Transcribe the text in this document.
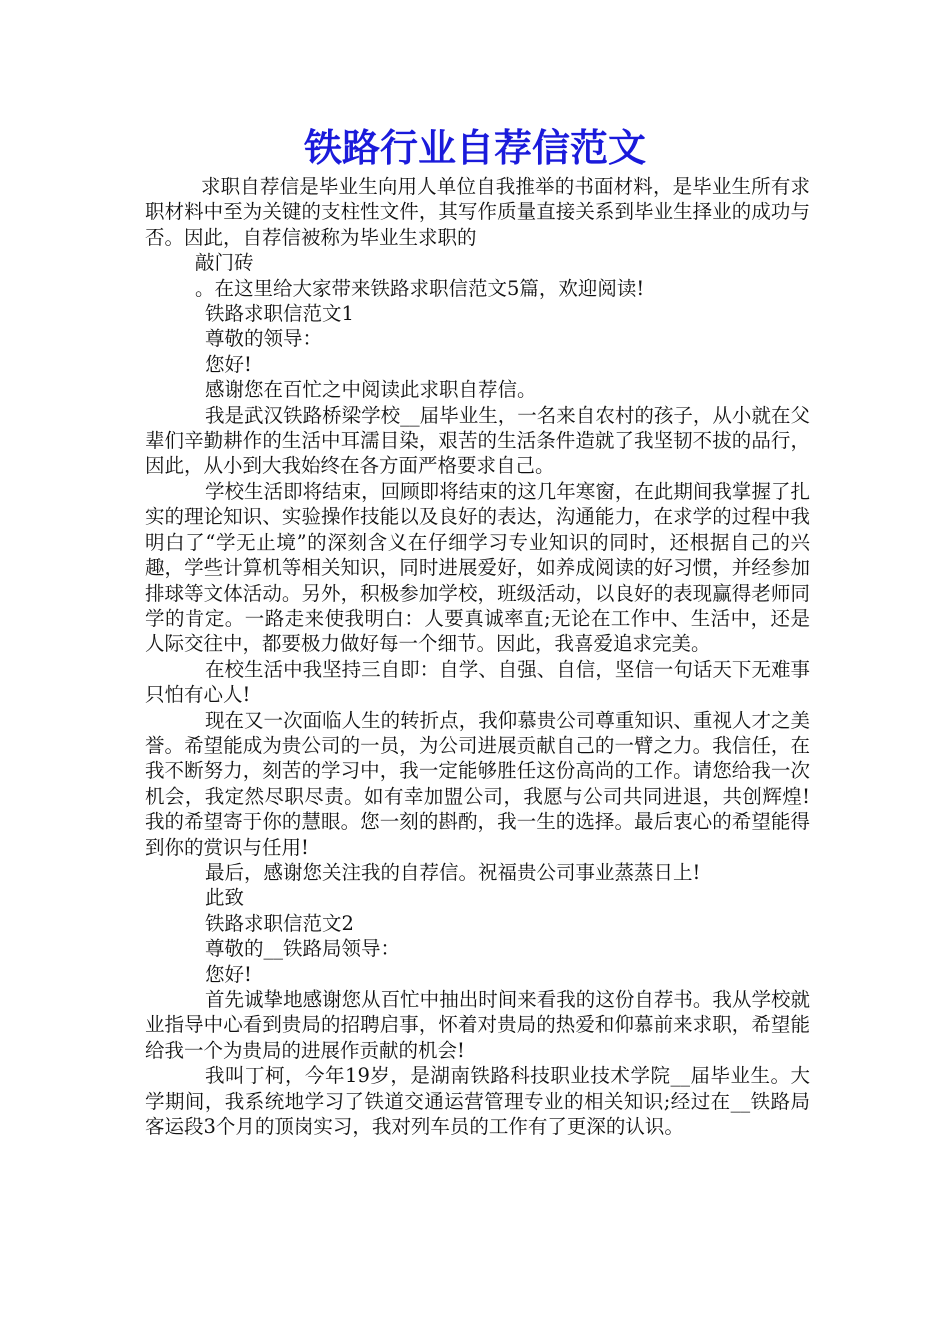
铁路行业自荐信范文

求职自荐信是毕业生向用人单位自我推举的书面材料，是毕业生所有求职材料中至为关键的支柱性文件，其写作质量直接关系到毕业生择业的成功与否。因此，自荐信被称为毕业生求职的

敲门砖

。在这里给大家带来铁路求职信范文5篇，欢迎阅读!

铁路求职信范文1

尊敬的领导：

您好!

感谢您在百忙之中阅读此求职自荐信。

我是武汉铁路桥梁学校__届毕业生，一名来自农村的孩子，从小就在父辈们辛勤耕作的生活中耳濡目染，艰苦的生活条件造就了我坚韧不拔的品行，因此，从小到大我始终在各方面严格要求自己。

学校生活即将结束，回顾即将结束的这几年寒窗，在此期间我掌握了扎实的理论知识、实验操作技能以及良好的表达，沟通能力，在求学的过程中我明白了“学无止境”的深刻含义在仔细学习专业知识的同时，还根据自己的兴趣，学些计算机等相关知识，同时进展爱好，如养成阅读的好习惯，并经参加排球等文体活动。另外，积极参加学校，班级活动，以良好的表现赢得老师同学的肯定。一路走来使我明白：人要真诚率直;无论在工作中、生活中，还是人际交往中，都要极力做好每一个细节。因此，我喜爱追求完美。

在校生活中我坚持三自即：自学、自强、自信，坚信一句话天下无难事只怕有心人!

现在又一次面临人生的转折点，我仰慕贵公司尊重知识、重视人才之美誉。希望能成为贵公司的一员，为公司进展贡献自己的一臂之力。我信任，在我不断努力，刻苦的学习中，我一定能够胜任这份高尚的工作。请您给我一次机会，我定然尽职尽责。如有幸加盟公司，我愿与公司共同进退，共创辉煌!我的希望寄于你的慧眼。您一刻的斟酌，我一生的选择。最后衷心的希望能得到你的赏识与任用!

最后，感谢您关注我的自荐信。祝福贵公司事业蒸蒸日上!

此致

铁路求职信范文2

尊敬的__铁路局领导：

您好!

首先诚挚地感谢您从百忙中抽出时间来看我的这份自荐书。我从学校就业指导中心看到贵局的招聘启事，怀着对贵局的热爱和仰慕前来求职，希望能给我一个为贵局的进展作贡献的机会!

我叫丁柯，今年19岁，是湖南铁路科技职业技术学院__届毕业生。大学期间，我系统地学习了铁道交通运营管理专业的相关知识;经过在__铁路局客运段3个月的顶岗实习，我对列车员的工作有了更深的认识。
